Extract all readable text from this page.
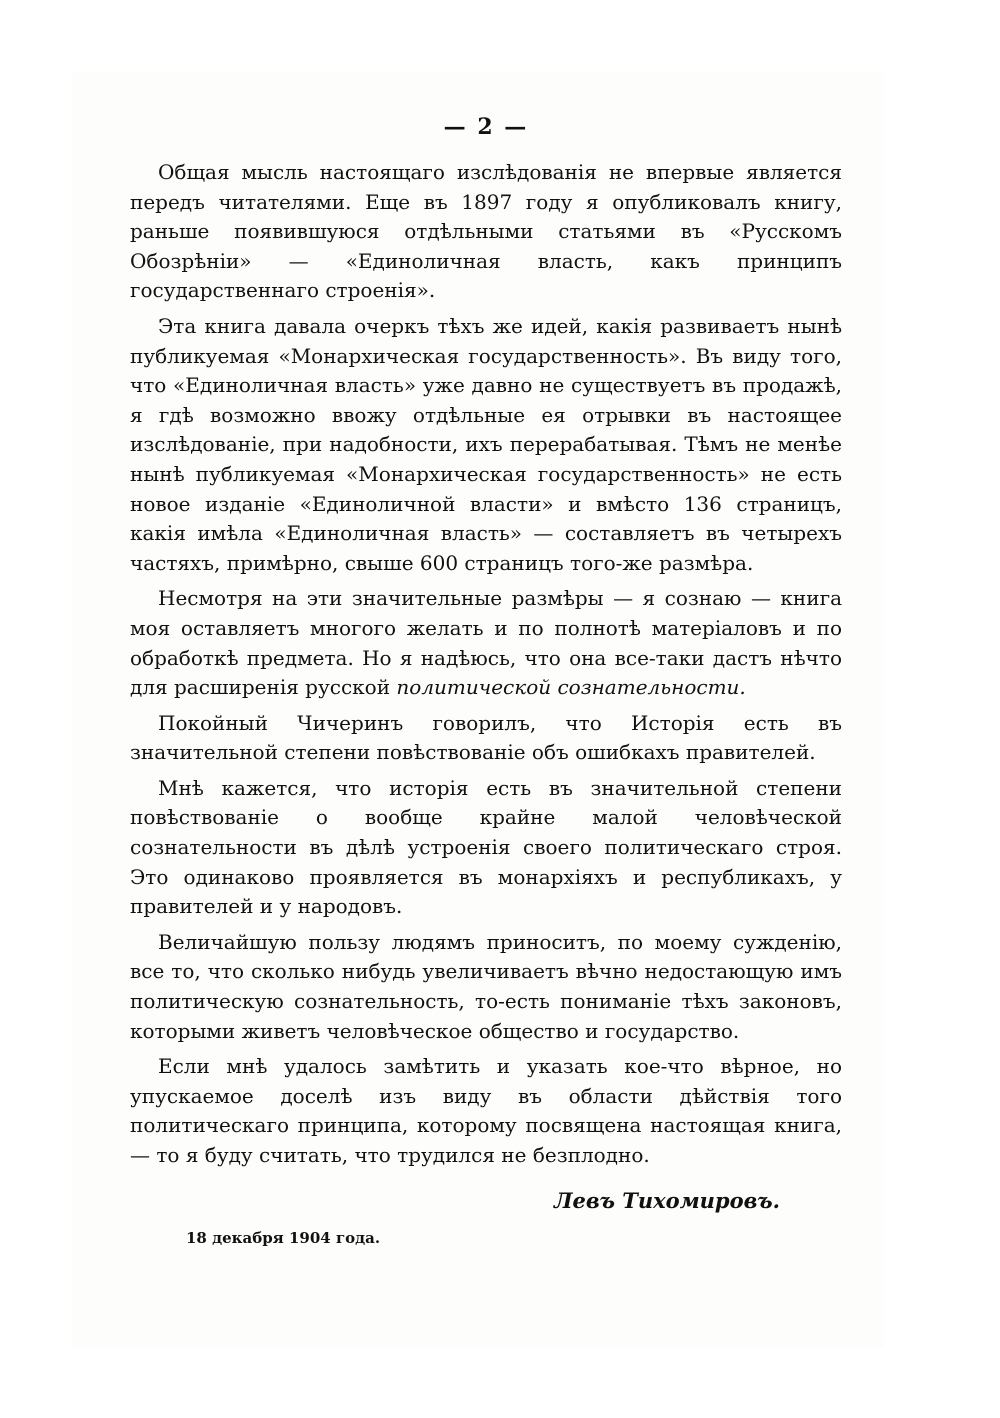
— 2 —

Общая мысль настоящаго изслѣдованія не впервые является передъ читателями. Еще въ 1897 году я опубликовалъ книгу, раньше появившуюся отдѣльными статьями въ «Русскомъ Обозрѣніи» — «Единоличная власть, какъ принципъ государственнаго строенія».

Эта книга давала очеркъ тѣхъ же идей, какія развиваетъ нынѣ публикуемая «Монархическая государственность». Въ виду того, что «Единоличная власть» уже давно не существуетъ въ продажѣ, я гдѣ возможно ввожу отдѣльные ея отрывки въ настоящее изслѣдованіе, при надобности, ихъ перерабатывая. Тѣмъ не менѣе нынѣ публикуемая «Монархическая государственность» не есть новое изданіе «Единоличной власти» и вмѣсто 136 страницъ, какія имѣла «Единоличная власть» — составляетъ въ четырехъ частяхъ, примѣрно, свыше 600 страницъ того-же размѣра.

Несмотря на эти значительные размѣры — я сознаю — книга моя оставляетъ многого желать и по полнотѣ матеріаловъ и по обработкѣ предмета. Но я надѣюсь, что она все-таки дастъ нѣчто для расширенія русской политической сознательности.

Покойный Чичеринъ говорилъ, что Исторія есть въ значительной степени повѣствованіе объ ошибкахъ правителей.

Мнѣ кажется, что исторія есть въ значительной степени повѣствованіе о вообще крайне малой человѣческой сознательности въ дѣлѣ устроенія своего политическаго строя. Это одинаково проявляется въ монархіяхъ и республикахъ, у правителей и у народовъ.

Величайшую пользу людямъ приноситъ, по моему сужденію, все то, что сколько нибудь увеличиваетъ вѣчно недостающую имъ политическую сознательность, то-есть пониманіе тѣхъ законовъ, которыми живетъ человѣческое общество и государство.

Если мнѣ удалось замѣтить и указать кое-что вѣрное, но упускаемое доселѣ изъ виду въ области дѣйствія того политическаго принципа, которому посвящена настоящая книга, — то я буду считать, что трудился не безплодно.

Левъ Тихомировъ.
18 декабря 1904 года.
